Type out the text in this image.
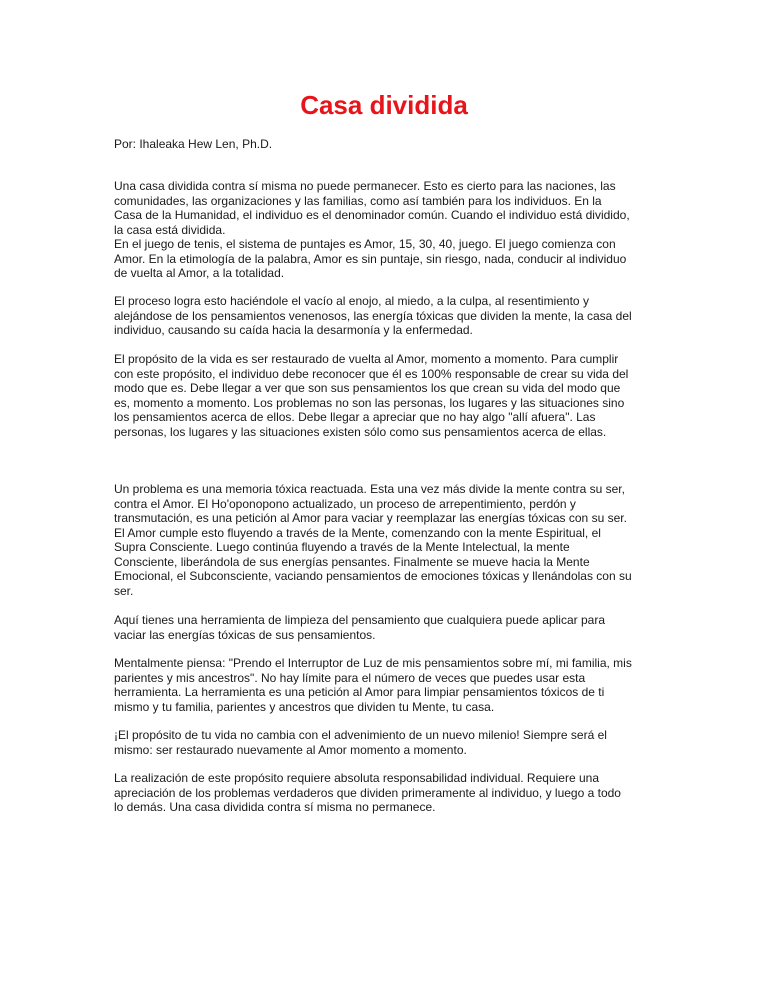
Casa dividida

Por: Ihaleaka Hew Len, Ph.D.

Una casa dividida contra sí misma no puede permanecer. Esto es cierto para las naciones, las
comunidades, las organizaciones y las familias, como así también para los individuos. En la
Casa de la Humanidad, el individuo es el denominador común. Cuando el individuo está dividido,
la casa está dividida.
En el juego de tenis, el sistema de puntajes es Amor, 15, 30, 40, juego. El juego comienza con
Amor. En la etimología de la palabra, Amor es sin puntaje, sin riesgo, nada, conducir al individuo
de vuelta al Amor, a la totalidad.

El proceso logra esto haciéndole el vacío al enojo, al miedo, a la culpa, al resentimiento y
alejándose de los pensamientos venenosos, las energía tóxicas que dividen la mente, la casa del
individuo, causando su caída hacia la desarmonía y la enfermedad.

El propósito de la vida es ser restaurado de vuelta al Amor, momento a momento. Para cumplir
con este propósito, el individuo debe reconocer que él es 100% responsable de crear su vida del
modo que es. Debe llegar a ver que son sus pensamientos los que crean su vida del modo que
es, momento a momento. Los problemas no son las personas, los lugares y las situaciones sino
los pensamientos acerca de ellos. Debe llegar a apreciar que no hay algo "allí afuera". Las
personas, los lugares y las situaciones existen sólo como sus pensamientos acerca de ellas.

Un problema es una memoria tóxica reactuada. Esta una vez más divide la mente contra su ser,
contra el Amor. El Ho'oponopono actualizado, un proceso de arrepentimiento, perdón y
transmutación, es una petición al Amor para vaciar y reemplazar las energías tóxicas con su ser.
El Amor cumple esto fluyendo a través de la Mente, comenzando con la mente Espiritual, el
Supra Consciente. Luego continúa fluyendo a través de la Mente Intelectual, la mente
Consciente, liberándola de sus energías pensantes. Finalmente se mueve hacia la Mente
Emocional, el Subconsciente, vaciando pensamientos de emociones tóxicas y llenándolas con su
ser.

Aquí tienes una herramienta de limpieza del pensamiento que cualquiera puede aplicar para
vaciar las energías tóxicas de sus pensamientos.

Mentalmente piensa: "Prendo el Interruptor de Luz de mis pensamientos sobre mí, mi familia, mis
parientes y mis ancestros". No hay límite para el número de veces que puedes usar esta
herramienta. La herramienta es una petición al Amor para limpiar pensamientos tóxicos de ti
mismo y tu familia, parientes y ancestros que dividen tu Mente, tu casa.

¡El propósito de tu vida no cambia con el advenimiento de un nuevo milenio! Siempre será el
mismo: ser restaurado nuevamente al Amor momento a momento.

La realización de este propósito requiere absoluta responsabilidad individual. Requiere una
apreciación de los problemas verdaderos que dividen primeramente al individuo, y luego a todo
lo demás. Una casa dividida contra sí misma no permanece.
